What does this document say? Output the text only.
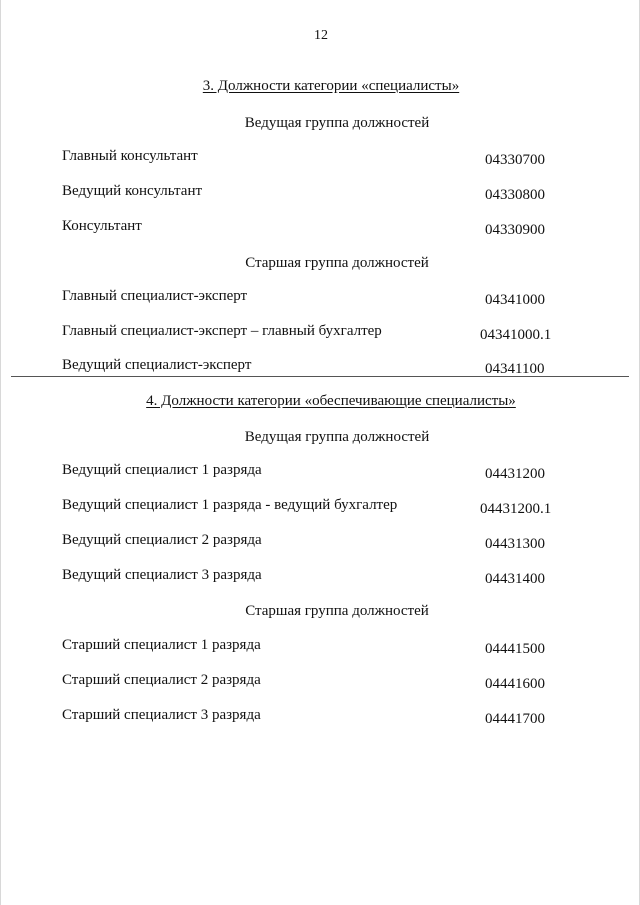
12
3. Должности категории «специалисты»
Ведущая группа должностей
Главный консультант	04330700
Ведущий консультант	04330800
Консультант	04330900
Старшая группа должностей
Главный специалист-эксперт	04341000
Главный специалист-эксперт – главный бухгалтер	04341000.1
Ведущий специалист-эксперт	04341100
4. Должности категории «обеспечивающие специалисты»
Ведущая группа должностей
Ведущий специалист 1 разряда	04431200
Ведущий специалист 1 разряда - ведущий бухгалтер	04431200.1
Ведущий специалист 2 разряда	04431300
Ведущий специалист 3 разряда	04431400
Старшая группа должностей
Старший специалист 1 разряда	04441500
Старший специалист 2 разряда	04441600
Старший специалист 3 разряда	04441700
